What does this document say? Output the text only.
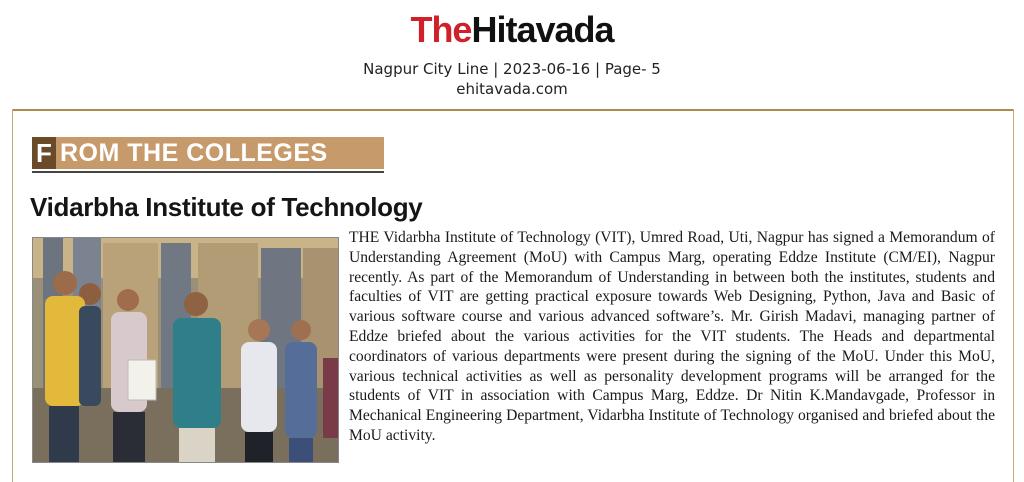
TheHitavada
Nagpur City Line | 2023-06-16 | Page- 5
ehitavada.com
F ROM THE COLLEGES
Vidarbha Institute of Technology

THE Vidarbha Institute of Technology (VIT), Umred Road, Uti, Nagpur has signed a Memorandum of Understanding Agreement (MoU) with Campus Marg, operating Eddze Institute (CM/EI), Nagpur recently. As part of the Memorandum of Understanding in between both the institutes, students and faculties of VIT are getting practical exposure towards Web Designing, Python, Java and Basic of various software course and various advanced software’s. Mr. Girish Madavi, managing partner of Eddze briefed about the various activities for the VIT students. The Heads and departmental coordinators of various departments were present during the signing of the MoU. Under this MoU, various technical activities as well as personality development programs will be arranged for the students of VIT in association with Campus Marg, Eddze. Dr Nitin K.Mandavgade, Professor in Mechanical Engineering Department, Vidarbha Institute of Technology organised and briefed about the MoU activity.
